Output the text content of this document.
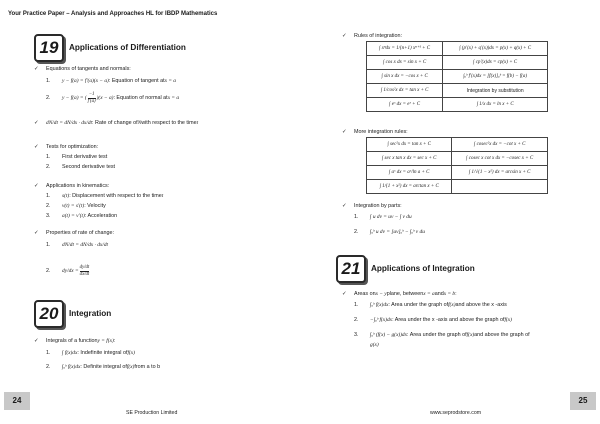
Your Practice Paper – Analysis and Approaches HL for IBDP Mathematics
19	Applications of Differentiation
✓	Equations of tangents and normals:
1.	y − f(a) = f′(a)(x − a) : Equation of tangent at x = a
2.	y − f(a) = ( $\frac{-1}{f'(a)} )(x - a)$ : Equation of normal at x = a
✓	dN/dt = dN/dx · dx/dt : Rate of change of N with respect to the time t
✓	Tests for optimization:
1.	First derivative test
2.	Second derivative test
✓	Applications in kinematics:
1.	s(t) : Displacement with respect to the time t
2.	v(t) = s′(t) : Velocity
3.	a(t) = v′(t) : Acceleration
✓	Properties of rate of change:
1.	dN/dt = dN/dx · dx/dt
2.	$dy/dx = \frac{dy/dt}{dx/dt}$
20	Integration
✓	Integrals of a function y = f(x) :
1.	∫ f(x)dx : Indefinite integral of f(x)
2.	∫ₐᵇ f(x)dx : Definite integral of f(x) from a to b
24
SE Production Limited
✓	Rules of integration:
∫ xⁿdx = 1/(n+1) xⁿ⁺¹ + C	∫ (p′(x) + q′(x))dx = p(x) + q(x) + C
∫ cos x dx = sin x + C	∫ cp′(x)dx = cp(x) + C
∫ sin x dx = −cos x + C	∫ₐᵇ f′(x)dx = [f(x)]ₐᵇ = f(b) − f(a)
∫ 1/cos²x dx = tan x + C	Integration by substitution
∫ eˣ dx = eˣ + C	∫ 1/x dx = ln x + C
✓	More integration rules:
∫ sec²x dx = tan x + C	∫ cosec²x dx = −cot x + C
∫ sec x tan x dx = sec x + C	∫ cosec x cot x dx = −cosec x + C
∫ aˣ dx = aˣ/ln a + C	∫ 1/√(1 − x²) dx = arcsin x + C
∫ 1/(1 + x²) dx = arctan x + C	
✓	Integration by parts:
1.	∫ u dv = uv − ∫ v du
2.	∫ₐᵇ u dv = [uv]ₐᵇ − ∫ₐᵇ v du
21	Applications of Integration
✓	Areas on x − y plane, between x = a and x = b :
1.	∫ₐᵇ f(x)dx : Area under the graph of f(x) and above the x -axis
2.	−∫ₐᵇ f(x)dx : Area under the x -axis and above the graph of f(x)
3.	∫ₐᵇ (f(x) − g(x))dx : Area under the graph of f(x) and above the graph of
g(x)
www.seprodstore.com
25
